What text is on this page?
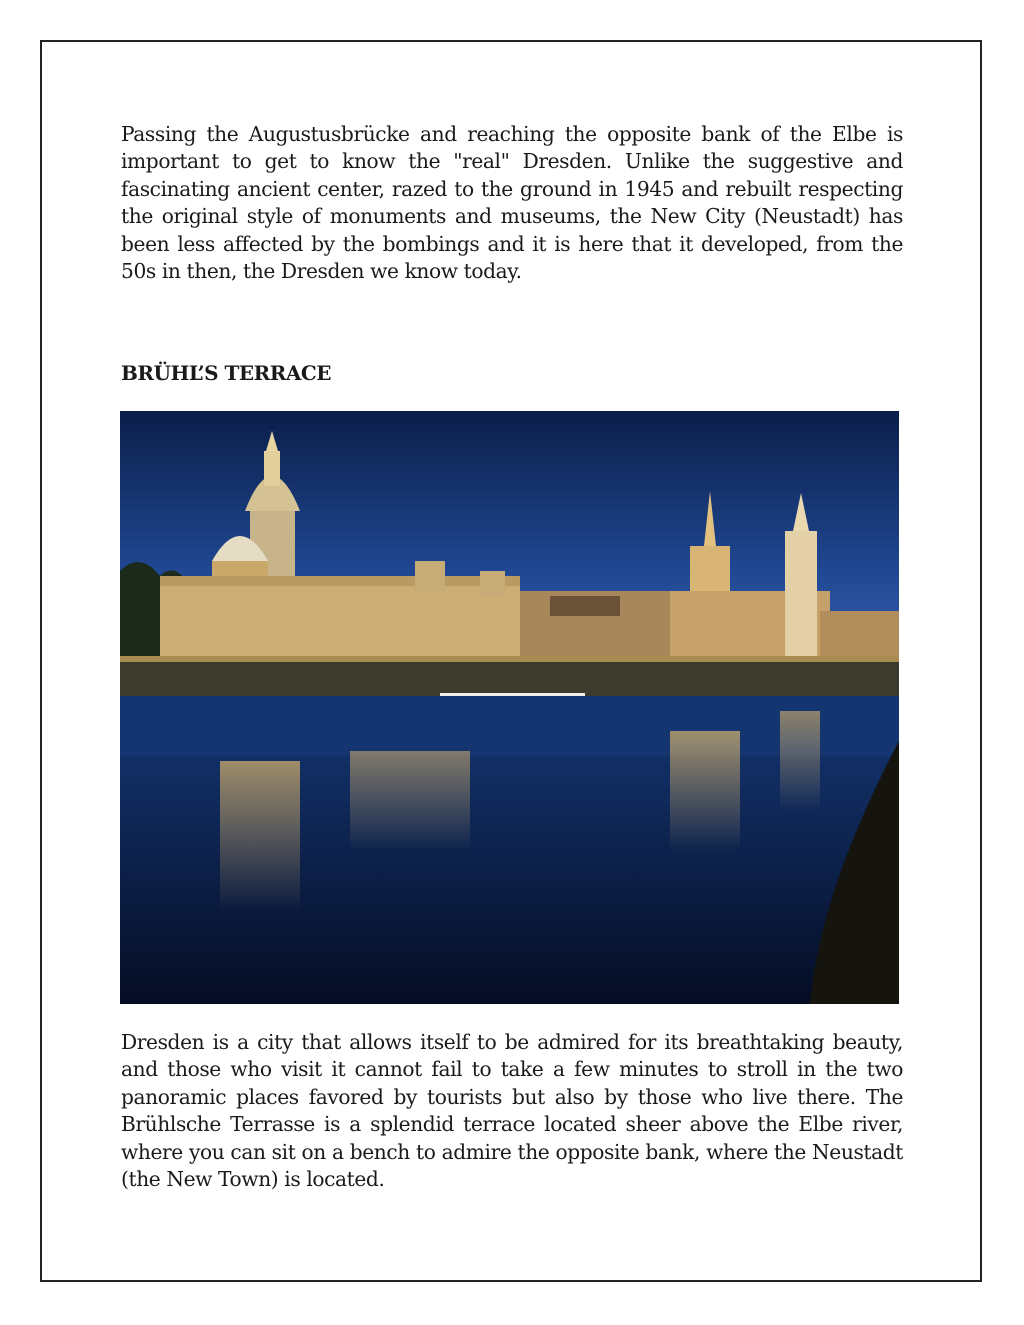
Passing the Augustusbrücke and reaching the opposite bank of the Elbe is important to get to know the "real" Dresden. Unlike the suggestive and fascinating ancient center, razed to the ground in 1945 and rebuilt respecting the original style of monuments and museums, the New City (Neustadt) has been less affected by the bombings and it is here that it developed, from the 50s in then, the Dresden we know today.

BRÜHL’S TERRACE

Dresden is a city that allows itself to be admired for its breathtaking beauty, and those who visit it cannot fail to take a few minutes to stroll in the two panoramic places favored by tourists but also by those who live there. The Brühlsche Terrasse is a splendid terrace located sheer above the Elbe river, where you can sit on a bench to admire the opposite bank, where the Neustadt (the New Town) is located.
